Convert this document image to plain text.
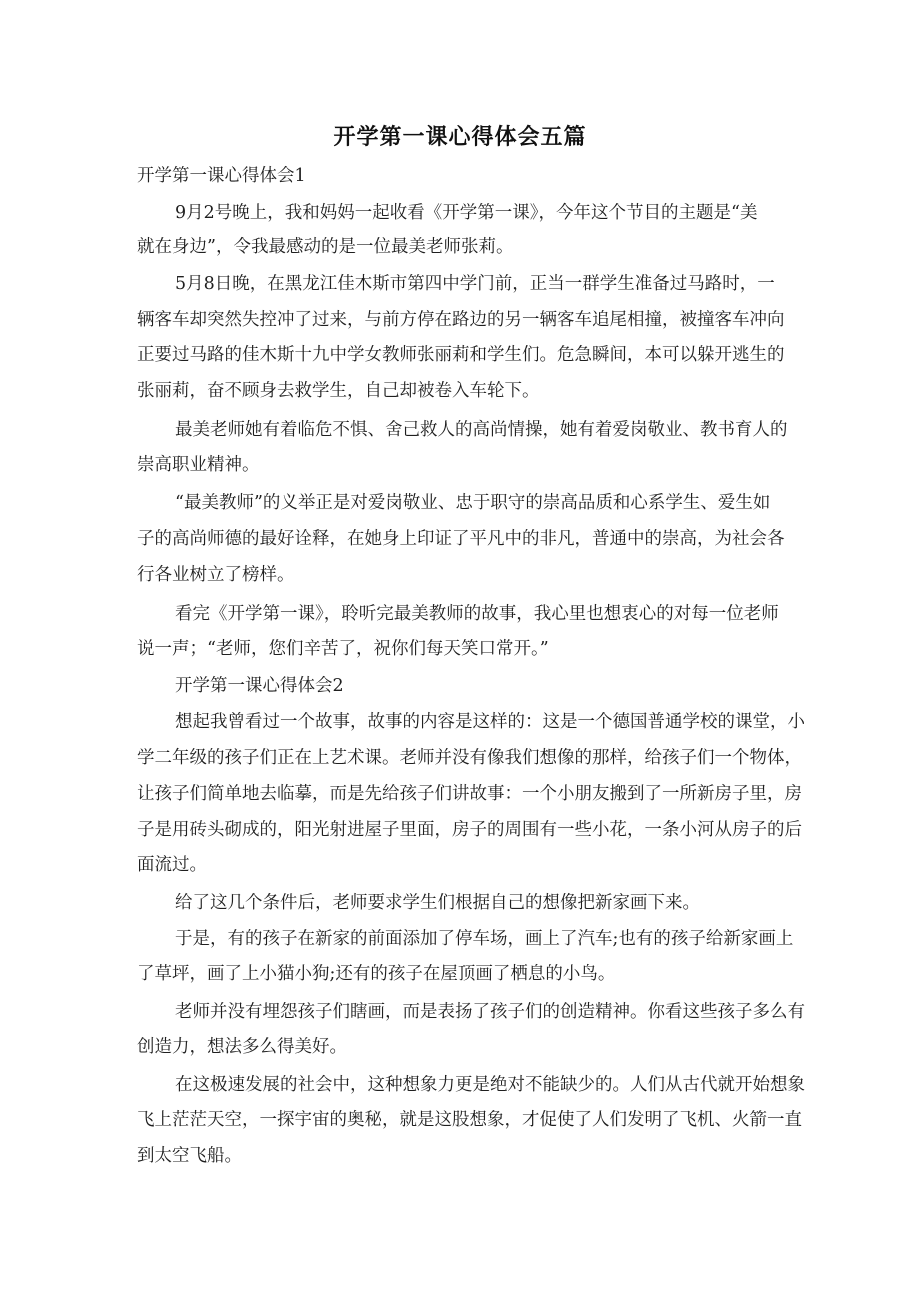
开学第一课心得体会五篇
开学第一课心得体会1
9月2号晚上，我和妈妈一起收看《开学第一课》，今年这个节目的主题是“美
就在身边”，令我最感动的是一位最美老师张莉。
5月8日晚，在黑龙江佳木斯市第四中学门前，正当一群学生准备过马路时，一
辆客车却突然失控冲了过来，与前方停在路边的另一辆客车追尾相撞，被撞客车冲向
正要过马路的佳木斯十九中学女教师张丽莉和学生们。危急瞬间，本可以躲开逃生的
张丽莉，奋不顾身去救学生，自己却被卷入车轮下。
最美老师她有着临危不惧、舍己救人的高尚情操，她有着爱岗敬业、教书育人的
崇高职业精神。
“最美教师”的义举正是对爱岗敬业、忠于职守的崇高品质和心系学生、爱生如
子的高尚师德的最好诠释，在她身上印证了平凡中的非凡，普通中的崇高，为社会各
行各业树立了榜样。
看完《开学第一课》，聆听完最美教师的故事，我心里也想衷心的对每一位老师
说一声；“老师，您们辛苦了，祝你们每天笑口常开。”
开学第一课心得体会2
想起我曾看过一个故事，故事的内容是这样的：这是一个德国普通学校的课堂，小
学二年级的孩子们正在上艺术课。老师并没有像我们想像的那样，给孩子们一个物体，
让孩子们简单地去临摹，而是先给孩子们讲故事：一个小朋友搬到了一所新房子里，房
子是用砖头砌成的，阳光射进屋子里面，房子的周围有一些小花，一条小河从房子的后
面流过。
给了这几个条件后，老师要求学生们根据自己的想像把新家画下来。
于是，有的孩子在新家的前面添加了停车场，画上了汽车;也有的孩子给新家画上
了草坪，画了上小猫小狗;还有的孩子在屋顶画了栖息的小鸟。
老师并没有埋怨孩子们瞎画，而是表扬了孩子们的创造精神。你看这些孩子多么有
创造力，想法多么得美好。
在这极速发展的社会中，这种想象力更是绝对不能缺少的。人们从古代就开始想象
飞上茫茫天空，一探宇宙的奥秘，就是这股想象，才促使了人们发明了飞机、火箭一直
到太空飞船。
